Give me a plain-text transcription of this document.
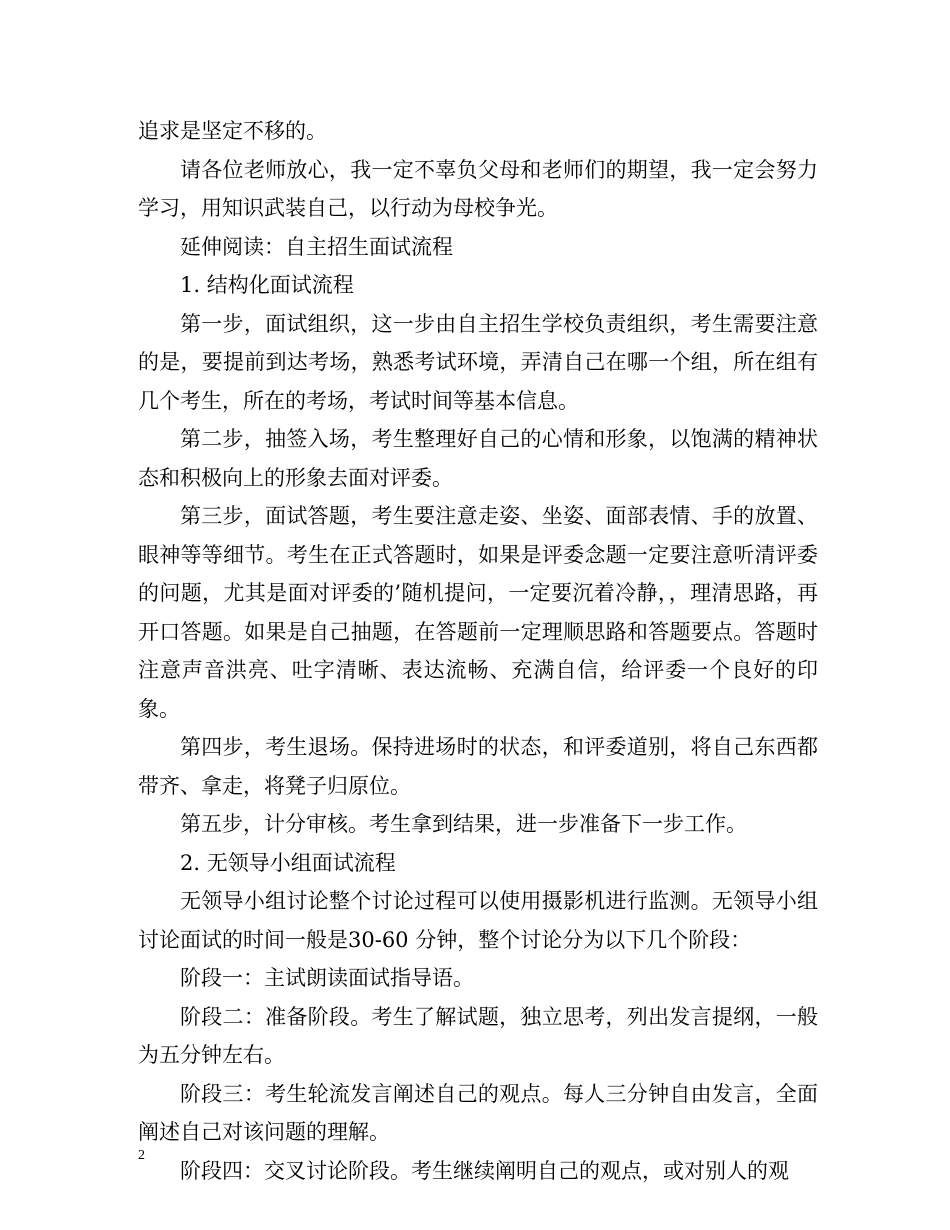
追求是坚定不移的。

请各位老师放心，我一定不辜负父母和老师们的期望，我一定会努力学习，用知识武装自己，以行动为母校争光。

延伸阅读：自主招生面试流程

1. 结构化面试流程

第一步，面试组织，这一步由自主招生学校负责组织，考生需要注意的是，要提前到达考场，熟悉考试环境，弄清自己在哪一个组，所在组有几个考生，所在的考场，考试时间等基本信息。

第二步，抽签入场，考生整理好自己的心情和形象，以饱满的精神状态和积极向上的形象去面对评委。

第三步，面试答题，考生要注意走姿、坐姿、面部表情、手的放置、眼神等等细节。考生在正式答题时，如果是评委念题一定要注意听清评委的问题，尤其是面对评委的’随机提问，一定要沉着冷静，，理清思路，再开口答题。如果是自己抽题，在答题前一定理顺思路和答题要点。答题时注意声音洪亮、吐字清晰、表达流畅、充满自信，给评委一个良好的印象。

第四步，考生退场。保持进场时的状态，和评委道别，将自己东西都带齐、拿走，将凳子归原位。

第五步，计分审核。考生拿到结果，进一步准备下一步工作。

2. 无领导小组面试流程

无领导小组讨论整个讨论过程可以使用摄影机进行监测。无领导小组讨论面试的时间一般是30-60 分钟，整个讨论分为以下几个阶段：

阶段一：主试朗读面试指导语。

阶段二：准备阶段。考生了解试题，独立思考，列出发言提纲，一般为五分钟左右。

阶段三：考生轮流发言阐述自己的观点。每人三分钟自由发言，全面阐述自己对该问题的理解。

阶段四：交叉讨论阶段。考生继续阐明自己的观点，或对别人的观

2
